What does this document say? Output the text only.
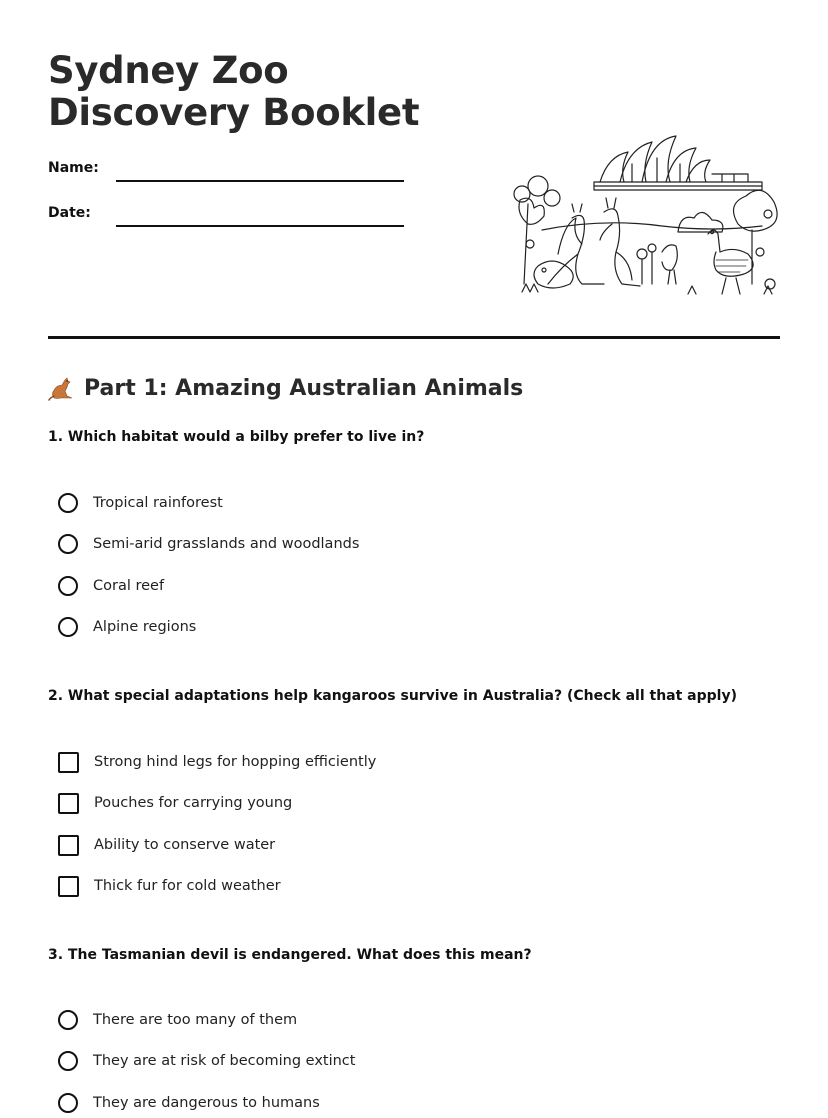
Sydney Zoo Discovery Booklet
Name:
Date:
Part 1: Amazing Australian Animals

1. Which habitat would a bilby prefer to live in?

Tropical rainforest
Semi-arid grasslands and woodlands
Coral reef
Alpine regions

2. What special adaptations help kangaroos survive in Australia? (Check all that apply)

Strong hind legs for hopping efficiently
Pouches for carrying young
Ability to conserve water
Thick fur for cold weather

3. The Tasmanian devil is endangered. What does this mean?

There are too many of them
They are at risk of becoming extinct
They are dangerous to humans
